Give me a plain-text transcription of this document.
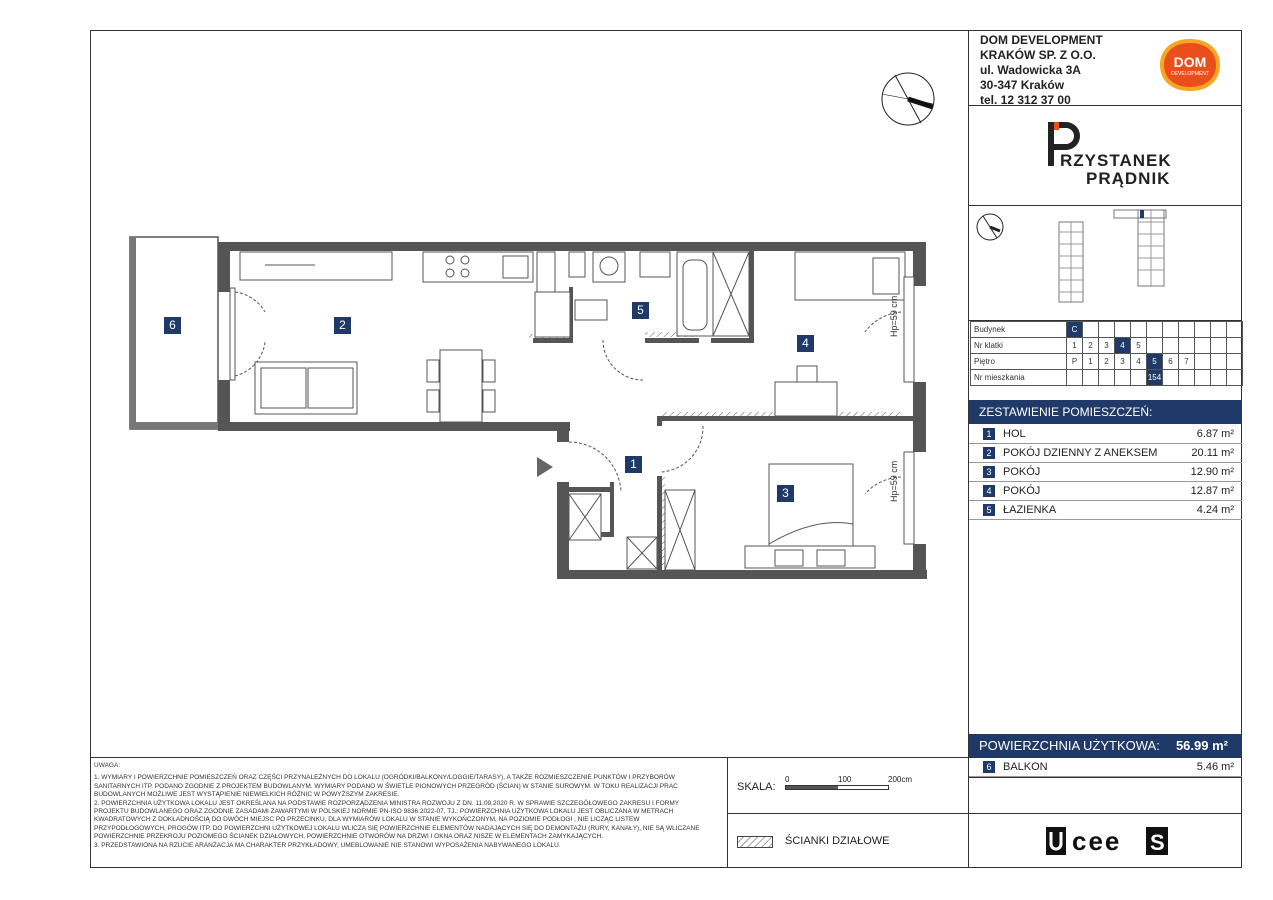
DOM DEVELOPMENT
KRAKÓW SP. Z O.O.
ul. Wadowicka 3A
30-347 Kraków
tel. 12 312 37 00
DOM
DEVELOPMENT
RZYSTANEK
PRĄDNIK
Budynek	C										
Nr klatki	1	2	3	4	5						
Piętro	P	1	2	3	4	5	6	7			
Nr mieszkania						154					
ZESTAWIENIE POMIESZCZEŃ:
1	HOL	6.87 m²
2	POKÓJ DZIENNY Z ANEKSEM	20.11 m²
3	POKÓJ	12.90 m²
4	POKÓJ	12.87 m²
5	ŁAZIENKA	4.24 m²
POWIERZCHNIA UŻYTKOWA: 56.99 m²
6	BALKON	5.46 m²
UWAGA:
1. WYMIARY I POWIERZCHNIE POMIESZCZEŃ ORAZ CZĘŚCI PRZYNALEŻNYCH DO LOKALU (OGRÓDKI/BALKONY/LOGGIE/TARASY), A TAKŻE ROZMIESZCZENIE PUNKTÓW I PRZYBORÓW SANITARNYCH ITP. PODANO ZGODNIE Z PROJEKTEM BUDOWLANYM. WYMIARY PODANO W ŚWIETLE PIONOWYCH PRZEGRÓD (ŚCIAN) W STANIE SUROWYM. W TOKU REALIZACJI PRAC BUDOWLANYCH MOŻLIWE JEST WYSTĄPIENIE NIEWIELKICH RÓŻNIC W POWYŻSZYM ZAKRESIE.
2. POWIERZCHNIA UŻYTKOWA LOKALU JEST OKREŚLANA NA PODSTAWIE ROZPORZĄDZENIA MINISTRA ROZWOJU Z DN. 11.09.2020 R. W SPRAWIE SZCZEGÓŁOWEGO ZAKRESU I FORMY PROJEKTU BUDOWLANEGO ORAZ ZGODNIE ZASADAMI ZAWARTYMI W POLSKIEJ NORMIE PN-ISO 9836:2022-07, TJ.: POWIERZCHNIA UŻYTKOWA LOKALU JEST OBLICZANA W METRACH KWADRATOWYCH Z DOKŁADNOŚCIĄ DO DWÓCH MIEJSC PO PRZECINKU, DLA WYMIARÓW LOKALU W STANIE WYKOŃCZONYM, NA POZIOMIE PODŁOGI , NIE LICZĄC LISTEW PRZYPODŁOGOWYCH, PROGÓW ITP. DO POWIERZCHNI UŻYTKOWEJ LOKALU WLICZA SIĘ POWIERZCHNIE ELEMENTÓW NADAJĄCYCH SIĘ DO DEMONTAŻU (RURY, KANAŁY), NIE SĄ WLICZANE POWIERZCHNIE PRZEKROJU POZIOMEGO ŚCIANEK DZIAŁOWYCH, POWIERZCHNIE OTWORÓW NA DRZWI I OKNA ORAZ NISZE W ELEMENTACH ZAMYKAJĄCYCH.
3. PRZEDSTAWIONA NA RZUCIE ARANŻACJA MA CHARAKTER PRZYKŁADOWY, UMEBLOWANIE NIE STANOWI WYPOSAŻENIA NABYWANEGO LOKALU.
SKALA:
0	100	200cm
ŚCIANKI DZIAŁOWE	cee S
Hp=59 cm
Hp=59 cm
1
2
3
4
5
6
